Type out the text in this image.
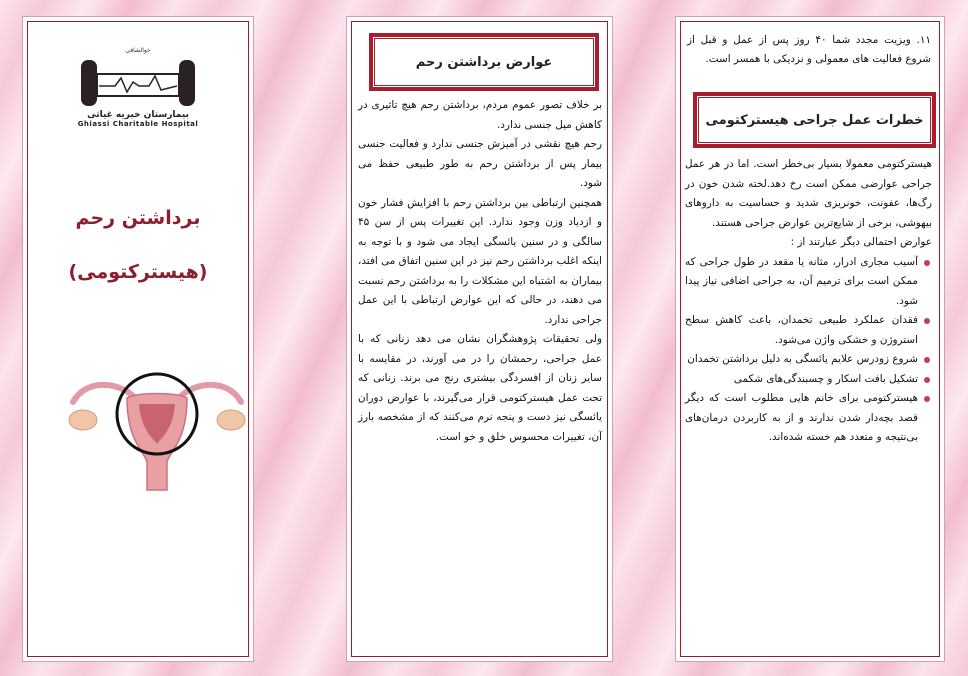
خوالشافی
بیمارستان خیریه غیاثی
Ghiassi Charitable Hospital
برداشتن رحم
(هیسترکتومی)
عوارض برداشتن رحم

بر خلاف تصور عموم مردم، برداشتن رحم هیچ تاثیری در کاهش میل جنسی ندارد.

رحم هیچ نقشی در آمیزش جنسی ندارد و فعالیت جنسی بیمار پس از برداشتن رحم به طور طبیعی حفظ می شود.

همچنین ارتباطی بین برداشتن رحم با افزایش فشار خون و ازدیاد وزن وجود ندارد. این تغییرات پس از سن ۴۵ سالگی و در سنین یائسگی ایجاد می شود و با توجه به اینکه اغلب برداشتن رحم نیز در این سنین اتفاق می افتد، بیماران به اشتباه این مشکلات را به برداشتن رحم نسبت می دهند، در حالی که این عوارض ارتباطی با این عمل جراحی ندارد.

ولی تحقیقات پژوهشگران نشان می دهد زنانی که با عمل جراحی، رحمشان را در می آورند، در مقایسه با سایر زنان از افسردگی بیشتری رنج می برند. زنانی که تحت عمل هیسترکتومی قرار می‌گیرند، با عوارض دوران یائسگی نیز دست و پنجه نرم می‌کنند که از مشخصه بارز آن، تغییرات محسوس خلق و خو است.

۱۱. ویزیت مجدد شما ۴۰ روز پس از عمل و قبل از شروع فعالیت های معمولی و نزدیکی با همسر است.
خطرات عمل جراحی هیسترکتومی

هیسترکتومی معمولا بسیار بی‌خطر است. اما در هر عمل جراحی عوارضی ممکن است رخ دهد.لخته شدن خون در رگ‌ها، عفونت، خونریزی شدید و حساسیت به داروهای بیهوشی، برخی از شایع‌ترین عوارض جراحی هستند.

عوارض احتمالی دیگر عبارتند از :

آسیب مجاری ادرار، مثانه یا مقعد در طول جراحی که ممکن است برای ترمیم آن، به جراحی اضافی نیاز پیدا شود.
فقدان عملکرد طبیعی تخمدان، باعث کاهش سطح استروژن و خشکی واژن می‌شود.
شروع زودرس علایم یائسگی به دلیل برداشتن تخمدان
تشکیل بافت اسکار و چسبندگی‌های شکمی
هیسترکتومی برای خانم هایی مطلوب است که دیگر قصد بچه‌دار شدن ندارند و از به کاربردن درمان‌های بی‌نتیجه و متعدد هم خسته شده‌اند.
